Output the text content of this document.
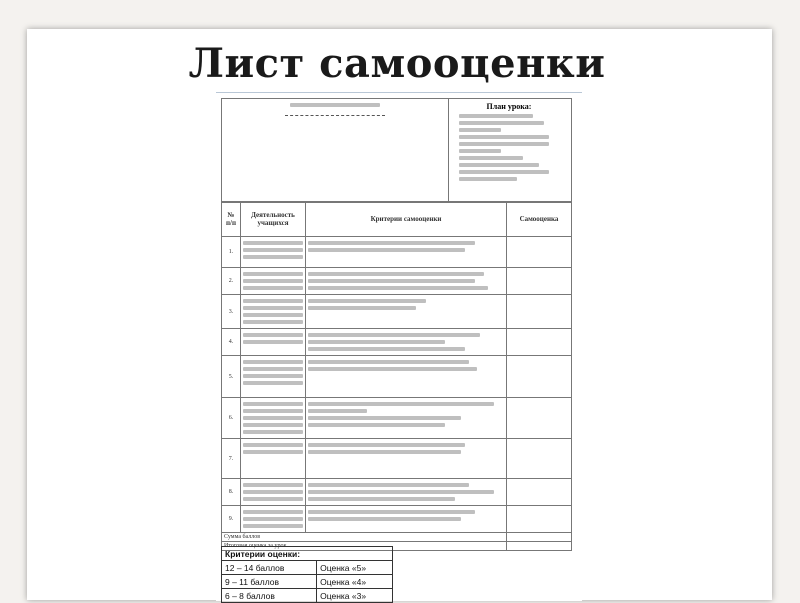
Лист самооценки
План урока:
№ п/п	Деятельность учащихся	Критерии самооценки	Самооценка
1.	

2.	

3.	

4.	

5.	

6.	

7.	

8.	

9.	

Сумма баллов			
Итоговая оценка за урок			
Критерии оценки:	
12 – 14 баллов	Оценка «5»
9 – 11 баллов	Оценка «4»
6 – 8 баллов	Оценка «3»
